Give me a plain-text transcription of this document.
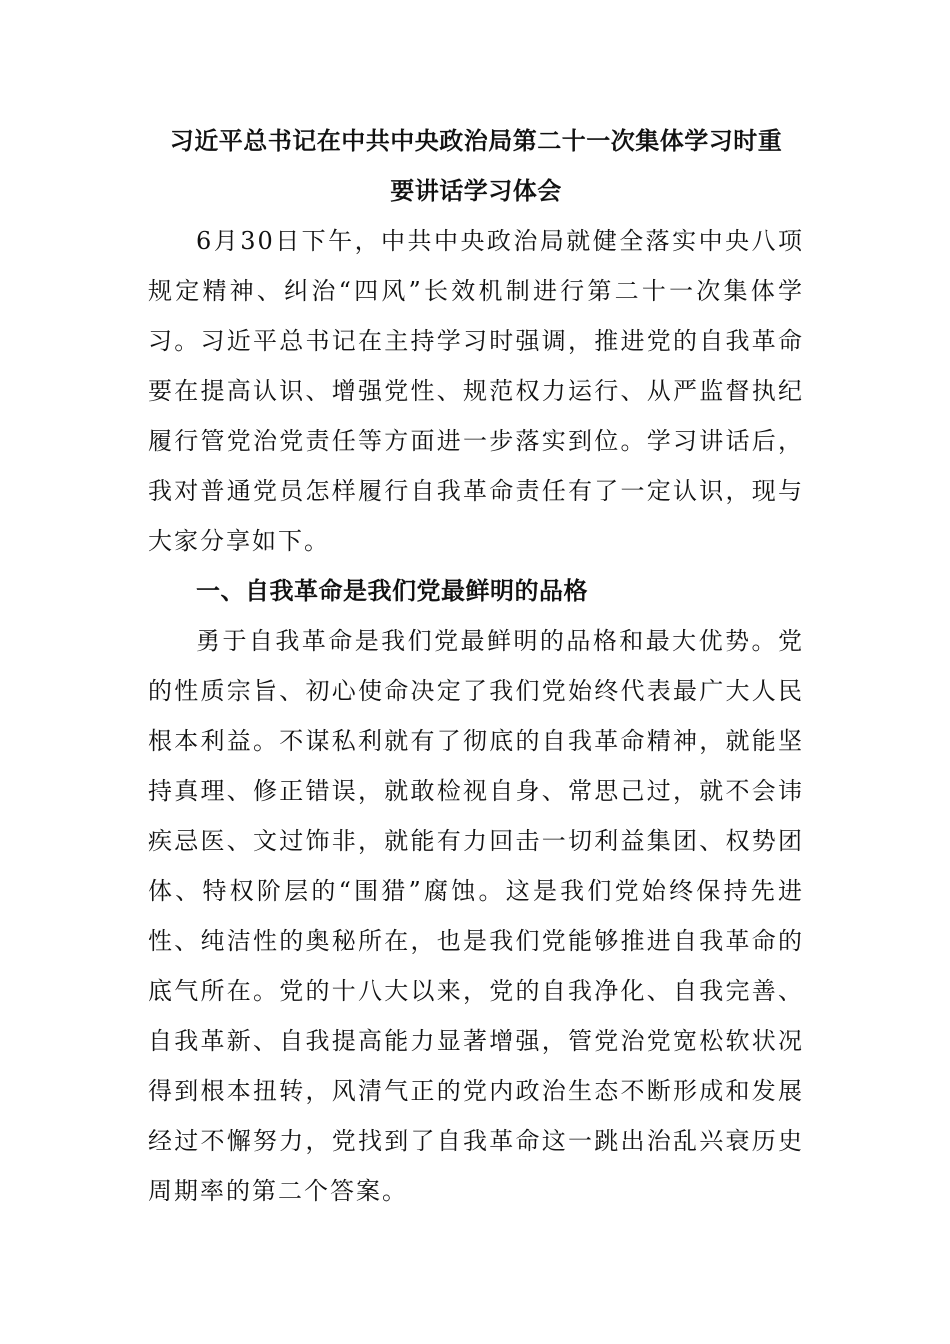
习近平总书记在中共中央政治局第二十一次集体学习时重
要讲话学习体会

6月30日下午，中共中央政治局就健全落实中央八项规定精神、纠治“四风”长效机制进行第二十一次集体学习。习近平总书记在主持学习时强调，推进党的自我革命要在提高认识、增强党性、规范权力运行、从严监督执纪履行管党治党责任等方面进一步落实到位。学习讲话后，我对普通党员怎样履行自我革命责任有了一定认识，现与大家分享如下。

一、自我革命是我们党最鲜明的品格

勇于自我革命是我们党最鲜明的品格和最大优势。党的性质宗旨、初心使命决定了我们党始终代表最广大人民根本利益。不谋私利就有了彻底的自我革命精神，就能坚持真理、修正错误，就敢检视自身、常思己过，就不会讳疾忌医、文过饰非，就能有力回击一切利益集团、权势团体、特权阶层的“围猎”腐蚀。这是我们党始终保持先进性、纯洁性的奥秘所在，也是我们党能够推进自我革命的底气所在。党的十八大以来，党的自我净化、自我完善、自我革新、自我提高能力显著增强，管党治党宽松软状况得到根本扭转，风清气正的党内政治生态不断形成和发展经过不懈努力，党找到了自我革命这一跳出治乱兴衰历史周期率的第二个答案。
